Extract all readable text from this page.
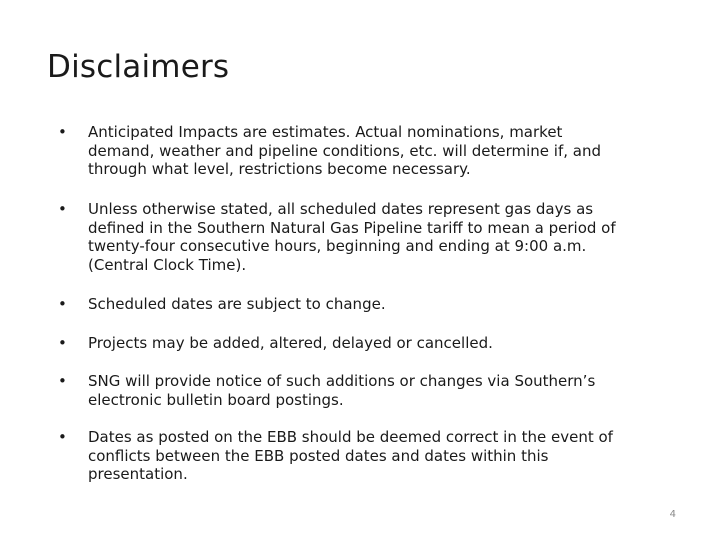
Disclaimers
•	Anticipated Impacts are estimates. Actual nominations, market
demand, weather and pipeline conditions, etc. will determine if, and
through what level, restrictions become necessary.
•	Unless otherwise stated, all scheduled dates represent gas days as
defined in the Southern Natural Gas Pipeline tariff to mean a period of
twenty-four consecutive hours, beginning and ending at 9:00 a.m.
(Central Clock Time).
•	Scheduled dates are subject to change.
•	Projects may be added, altered, delayed or cancelled.
•	SNG will provide notice of such additions or changes via Southern’s
electronic bulletin board postings.
•	Dates as posted on the EBB should be deemed correct in the event of
conflicts between the EBB posted dates and dates within this
presentation.
4
